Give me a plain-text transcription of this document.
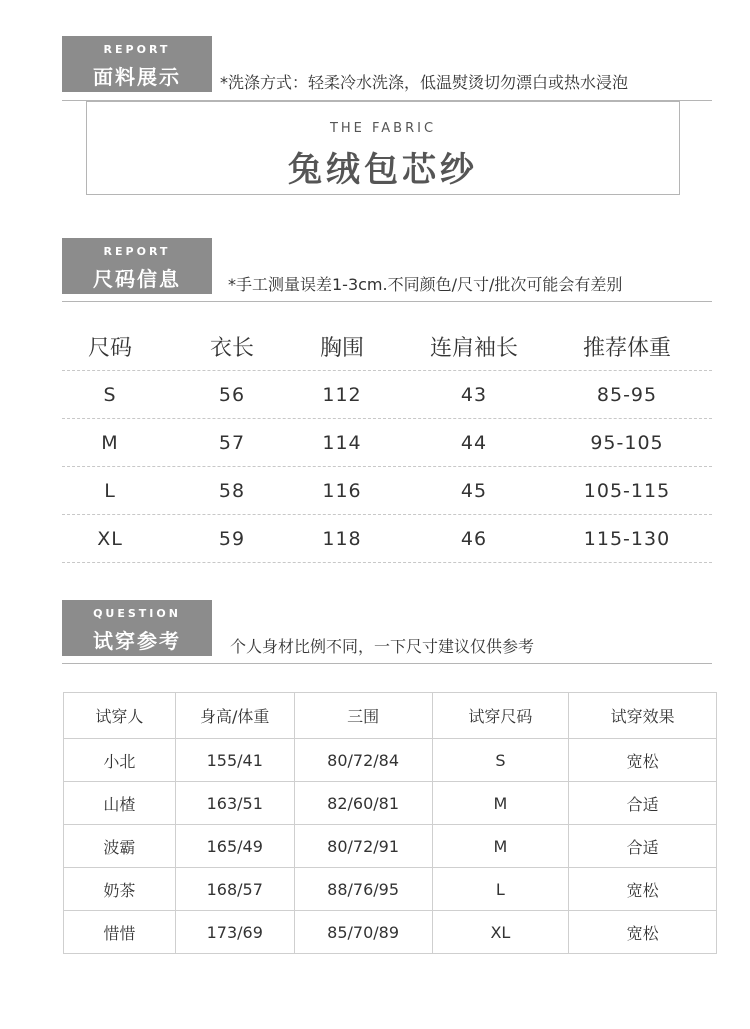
REPORT
面料展示	*洗涤方式：轻柔冷水洗涤，低温熨烫切勿漂白或热水浸泡
THE FABRIC
兔绒包芯纱
REPORT
尺码信息	*手工测量误差1-3cm.不同颜色/尺寸/批次可能会有差别
尺码	衣长	胸围	连肩袖长	推荐体重
S	56	112	43	85-95
M	57	114	44	95-105
L	58	116	45	105-115
XL	59	118	46	115-130
QUESTION
试穿参考	个人身材比例不同，一下尺寸建议仅供参考
试穿人	身高/体重	三围	试穿尺码	试穿效果
小北	155/41	80/72/84	S	宽松
山楂	163/51	82/60/81	M	合适
波霸	165/49	80/72/91	M	合适
奶茶	168/57	88/76/95	L	宽松
惜惜	173/69	85/70/89	XL	宽松
